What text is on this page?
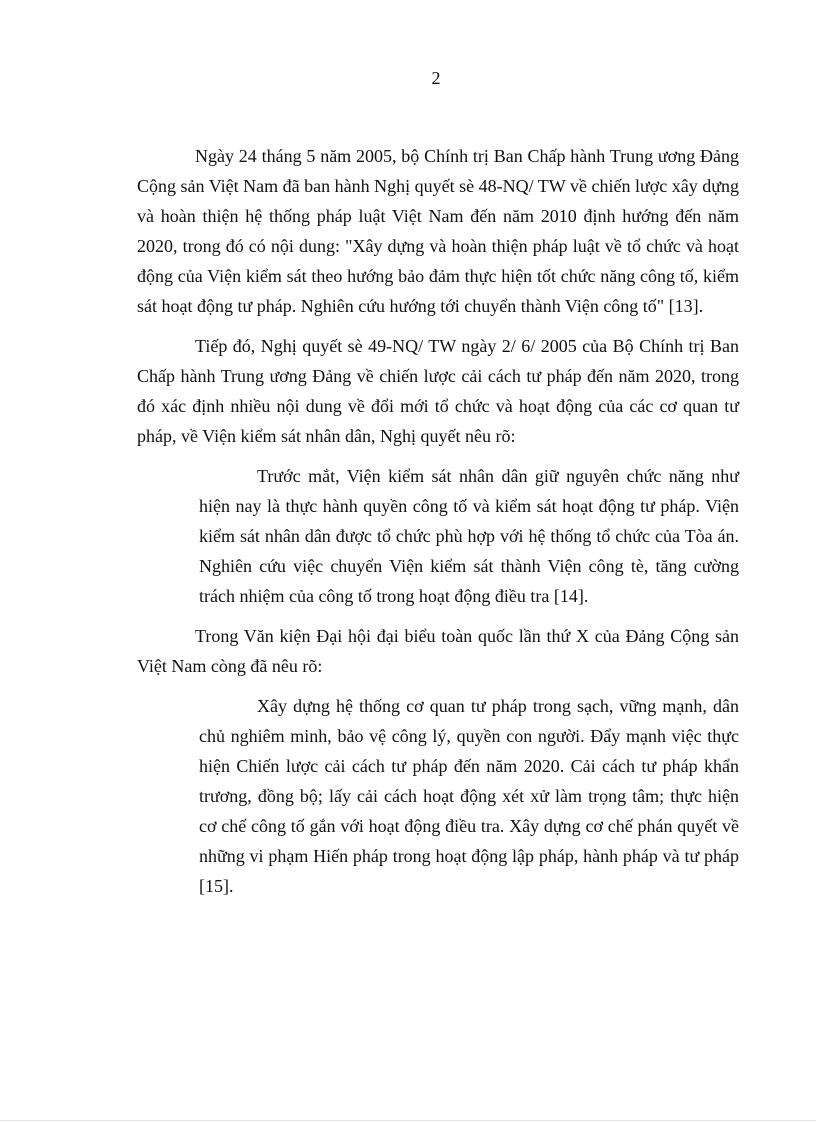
2

Ngày 24 tháng 5 năm 2005, bộ Chính trị Ban Chấp hành Trung ương Đảng Cộng sản Việt Nam đã ban hành Nghị quyết sè 48-NQ/ TW về chiến lược xây dựng và hoàn thiện hệ thống pháp luật Việt Nam đến năm 2010 định hướng đến năm 2020, trong đó có nội dung: "Xây dựng và hoàn thiện pháp luật về tổ chức và hoạt động của Viện kiểm sát theo hướng bảo đảm thực hiện tốt chức năng công tố, kiểm sát hoạt động tư pháp. Nghiên cứu hướng tới chuyển thành Viện công tố" [13].

Tiếp đó, Nghị quyết sè 49-NQ/ TW ngày 2/ 6/ 2005 của Bộ Chính trị Ban Chấp hành Trung ương Đảng về chiến lược cải cách tư pháp đến năm 2020, trong đó xác định nhiều nội dung về đổi mới tổ chức và hoạt động của các cơ quan tư pháp, về Viện kiểm sát nhân dân, Nghị quyết nêu rõ:

Trước mắt, Viện kiểm sát nhân dân giữ nguyên chức năng như hiện nay là thực hành quyền công tố và kiểm sát hoạt động tư pháp. Viện kiểm sát nhân dân được tổ chức phù hợp với hệ thống tổ chức của Tòa án. Nghiên cứu việc chuyển Viện kiểm sát thành Viện công tè, tăng cường trách nhiệm của công tố trong hoạt động điều tra [14].

Trong Văn kiện Đại hội đại biểu toàn quốc lần thứ X của Đảng Cộng sản Việt Nam còng đã nêu rõ:

Xây dựng hệ thống cơ quan tư pháp trong sạch, vững mạnh, dân chủ nghiêm minh, bảo vệ công lý, quyền con người. Đẩy mạnh việc thực hiện Chiến lược cải cách tư pháp đến năm 2020. Cải cách tư pháp khẩn trương, đồng bộ; lấy cải cách hoạt động xét xử làm trọng tâm; thực hiện cơ chế công tố gắn với hoạt động điều tra. Xây dựng cơ chế phán quyết về những vi phạm Hiến pháp trong hoạt động lập pháp, hành pháp và tư pháp [15].
